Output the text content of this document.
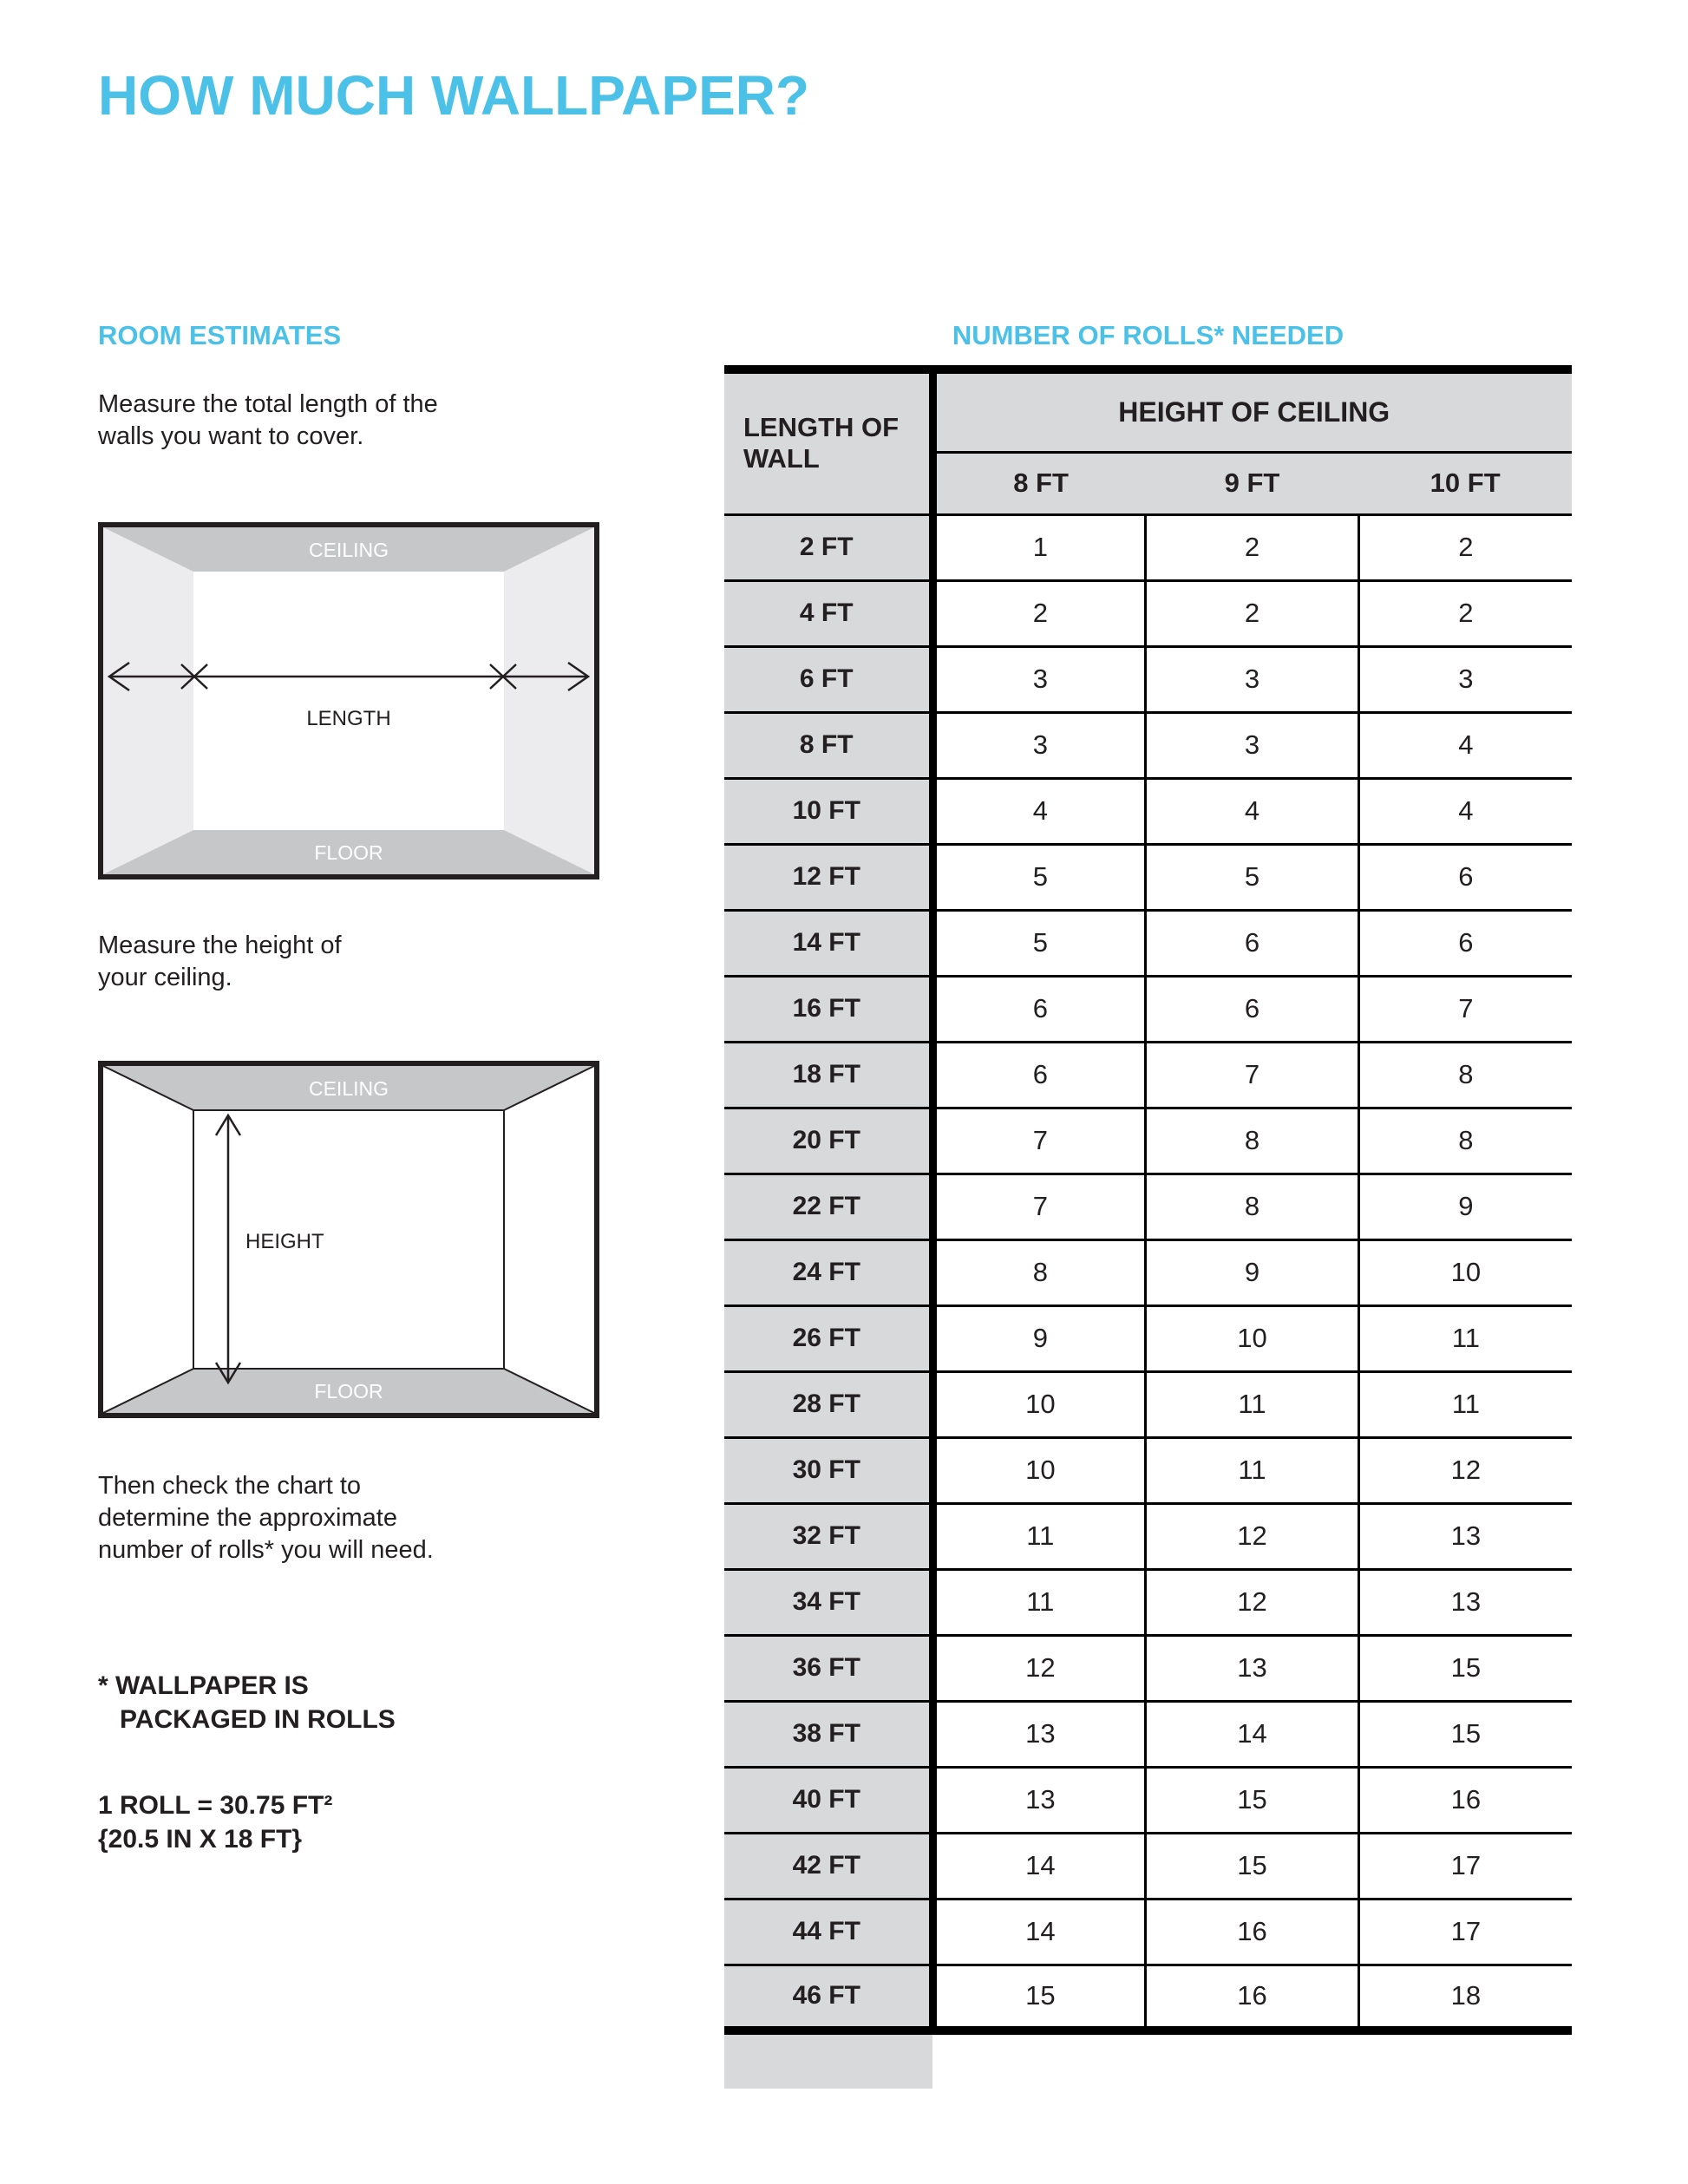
HOW MUCH WALLPAPER?
ROOM ESTIMATES

Measure the total length of the walls you want to cover.

CEILING
FLOOR
LENGTH

Measure the height of your ceiling.

CEILING
FLOOR
HEIGHT

Then check the chart to determine the approximate number of rolls* you will need.

* WALLPAPER IS
PACKAGED IN ROLLS

1 ROLL = 30.75 FT²
{20.5 IN X 18 FT}

NUMBER OF ROLLS* NEEDED
LENGTH OF WALL	HEIGHT OF CEILING		
	8 FT	9 FT	10 FT
2 FT	1	2	2
4 FT	2	2	2
6 FT	3	3	3
8 FT	3	3	4
10 FT	4	4	4
12 FT	5	5	6
14 FT	5	6	6
16 FT	6	6	7
18 FT	6	7	8
20 FT	7	8	8
22 FT	7	8	9
24 FT	8	9	10
26 FT	9	10	11
28 FT	10	11	11
30 FT	10	11	12
32 FT	11	12	13
34 FT	11	12	13
36 FT	12	13	15
38 FT	13	14	15
40 FT	13	15	16
42 FT	14	15	17
44 FT	14	16	17
46 FT	15	16	18
